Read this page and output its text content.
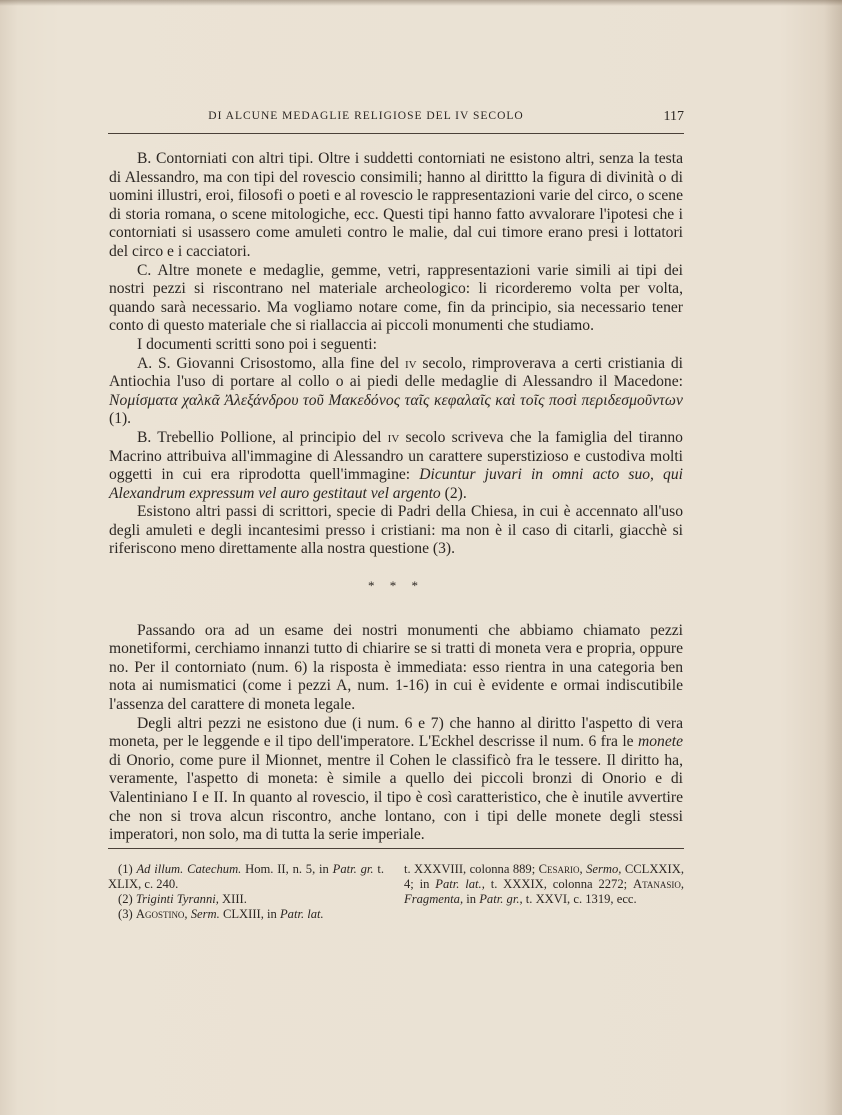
DI ALCUNE MEDAGLIE RELIGIOSE DEL IV SECOLO	117

B. Contorniati con altri tipi. Oltre i suddetti contorniati ne esistono altri, senza la testa di Alessandro, ma con tipi del rovescio consimili; hanno al dirittto la figura di divinità o di uomini illustri, eroi, filosofi o poeti e al rovescio le rappresentazioni varie del circo, o scene di storia romana, o scene mitologiche, ecc. Questi tipi hanno fatto avvalorare l'ipotesi che i contorniati si usassero come amuleti contro le malie, dal cui timore erano presi i lottatori del circo e i cacciatori.

C. Altre monete e medaglie, gemme, vetri, rappresentazioni varie simili ai tipi dei nostri pezzi si riscontrano nel materiale archeologico: li ricorderemo volta per volta, quando sarà necessario. Ma vogliamo notare come, fin da principio, sia necessario tener conto di questo materiale che si riallaccia ai piccoli monumenti che studiamo.

I documenti scritti sono poi i seguenti:

A. S. Giovanni Crisostomo, alla fine del iv secolo, rimproverava a certi cristiania di Antiochia l'uso di portare al collo o ai piedi delle medaglie di Alessandro il Macedone: Νομίσματα χαλκᾶ Ἀλεξάνδρου τοῦ Μακεδόνος ταῖς κεφαλαῖς καὶ τοῖς ποσὶ περιδεσμοῦντων (1).

B. Trebellio Pollione, al principio del iv secolo scriveva che la famiglia del tiranno Macrino attribuiva all'immagine di Alessandro un carattere superstizioso e custodiva molti oggetti in cui era riprodotta quell'immagine: Dicuntur juvari in omni acto suo, qui Alexandrum expressum vel auro gestitaut vel argento (2).

Esistono altri passi di scrittori, specie di Padri della Chiesa, in cui è accennato all'uso degli amuleti e degli incantesimi presso i cristiani: ma non è il caso di citarli, giacchè si riferiscono meno direttamente alla nostra questione (3).

* * *

Passando ora ad un esame dei nostri monumenti che abbiamo chiamato pezzi monetiformi, cerchiamo innanzi tutto di chiarire se si tratti di moneta vera e propria, oppure no. Per il contorniato (num. 6) la risposta è immediata: esso rientra in una categoria ben nota ai numismatici (come i pezzi A, num. 1-16) in cui è evidente e ormai indiscutibile l'assenza del carattere di moneta legale.

Degli altri pezzi ne esistono due (i num. 6 e 7) che hanno al diritto l'aspetto di vera moneta, per le leggende e il tipo dell'imperatore. L'Eckhel descrisse il num. 6 fra le monete di Onorio, come pure il Mionnet, mentre il Cohen le classificò fra le tessere. Il diritto ha, veramente, l'aspetto di moneta: è simile a quello dei piccoli bronzi di Onorio e di Valentiniano I e II. In quanto al rovescio, il tipo è così caratteristico, che è inutile avvertire che non si trova alcun riscontro, anche lontano, con i tipi delle monete degli stessi imperatori, non solo, ma di tutta la serie imperiale.

(1) Ad illum. Catechum. Hom. II, n. 5, in Patr. gr. t. XLIX, c. 240.

(2) Triginti Tyranni, XIII.

(3) Agostino, Serm. CLXIII, in Patr. lat.

t. XXXVIII, colonna 889; Cesario, Sermo, CCLXXIX, 4; in Patr. lat., t. XXXIX, colonna 2272; Atanasio, Fragmenta, in Patr. gr., t. XXVI, c. 1319, ecc.
